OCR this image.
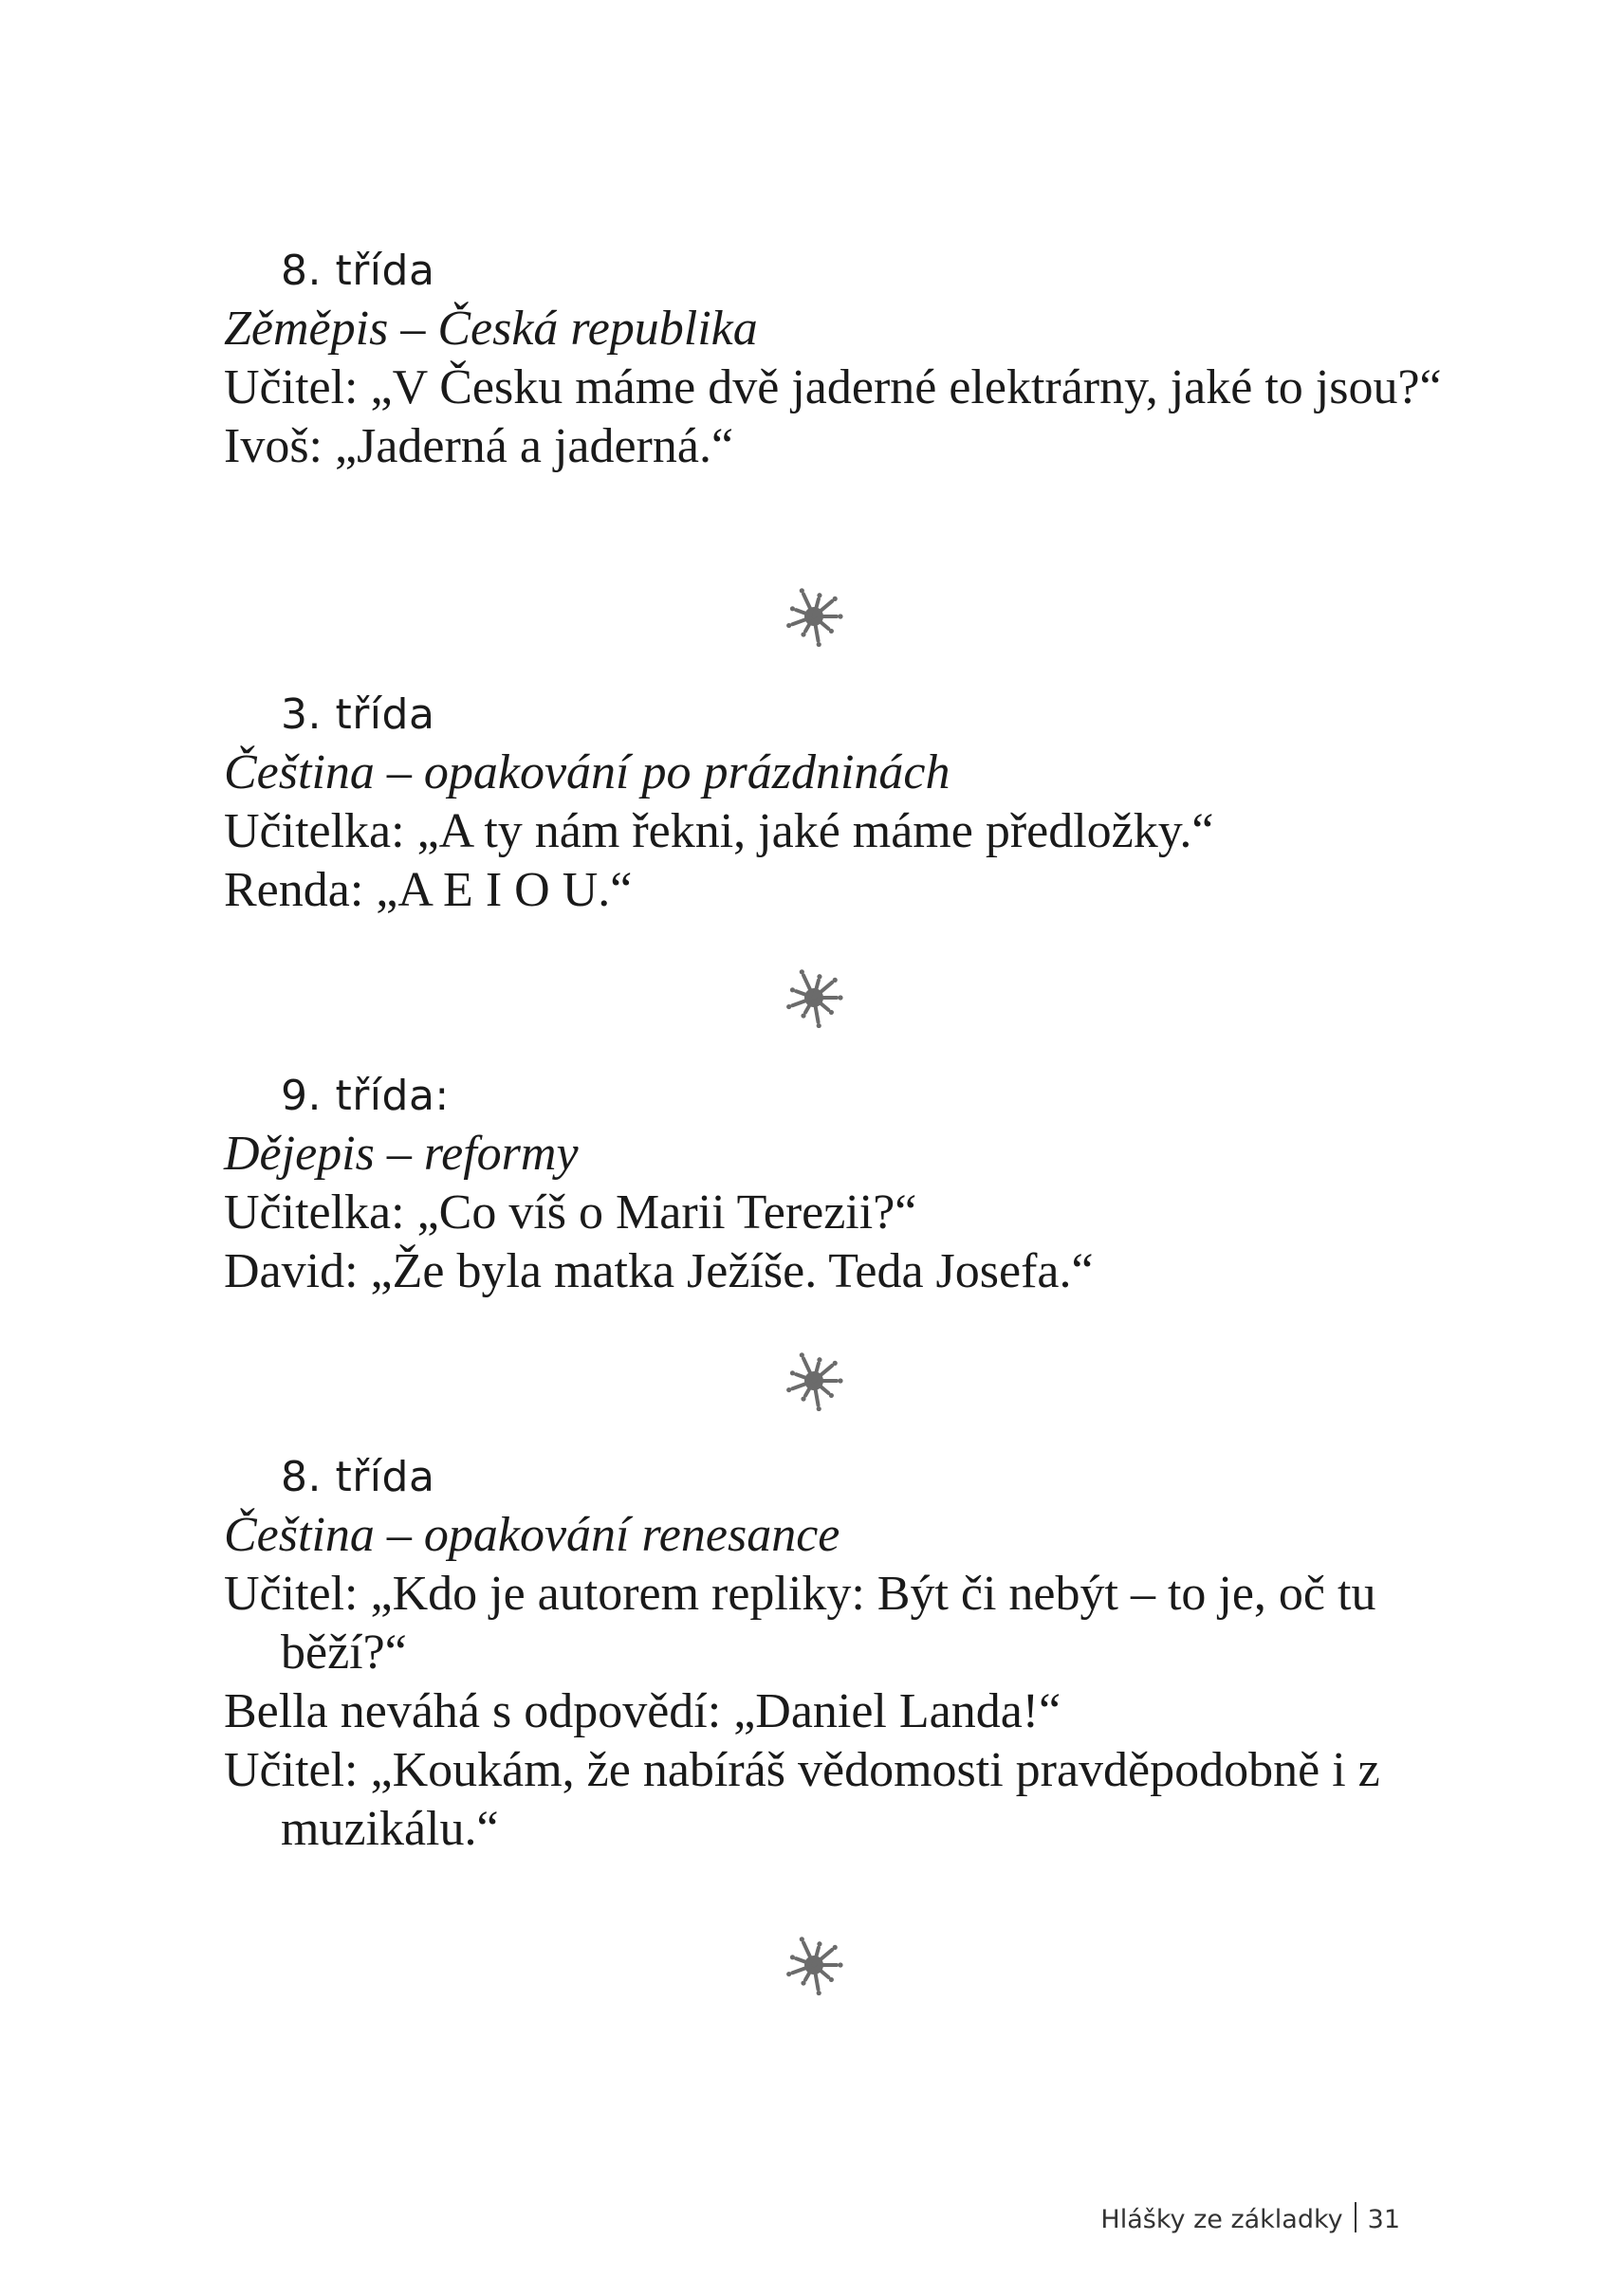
8. třída
Zěměpis – Česká republika
Učitel: „V Česku máme dvě jaderné elektrárny, jaké to jsou?“
Ivoš: „Jaderná a jaderná.“
3. třída
Čeština – opakování po prázdninách
Učitelka: „A ty nám řekni, jaké máme předložky.“
Renda: „A E I O U.“
9. třída:
Dějepis – reformy
Učitelka: „Co víš o Marii Terezii?“
David: „Že byla matka Ježíše. Teda Josefa.“
8. třída
Čeština – opakování renesance
Učitel: „Kdo je autorem repliky: Být či nebýt – to je, oč tu běží?“
Bella neváhá s odpovědí: „Daniel Landa!“
Učitel: „Koukám, že nabíráš vědomosti pravděpodobně i z muzikálu.“
Hlášky ze základky 31
